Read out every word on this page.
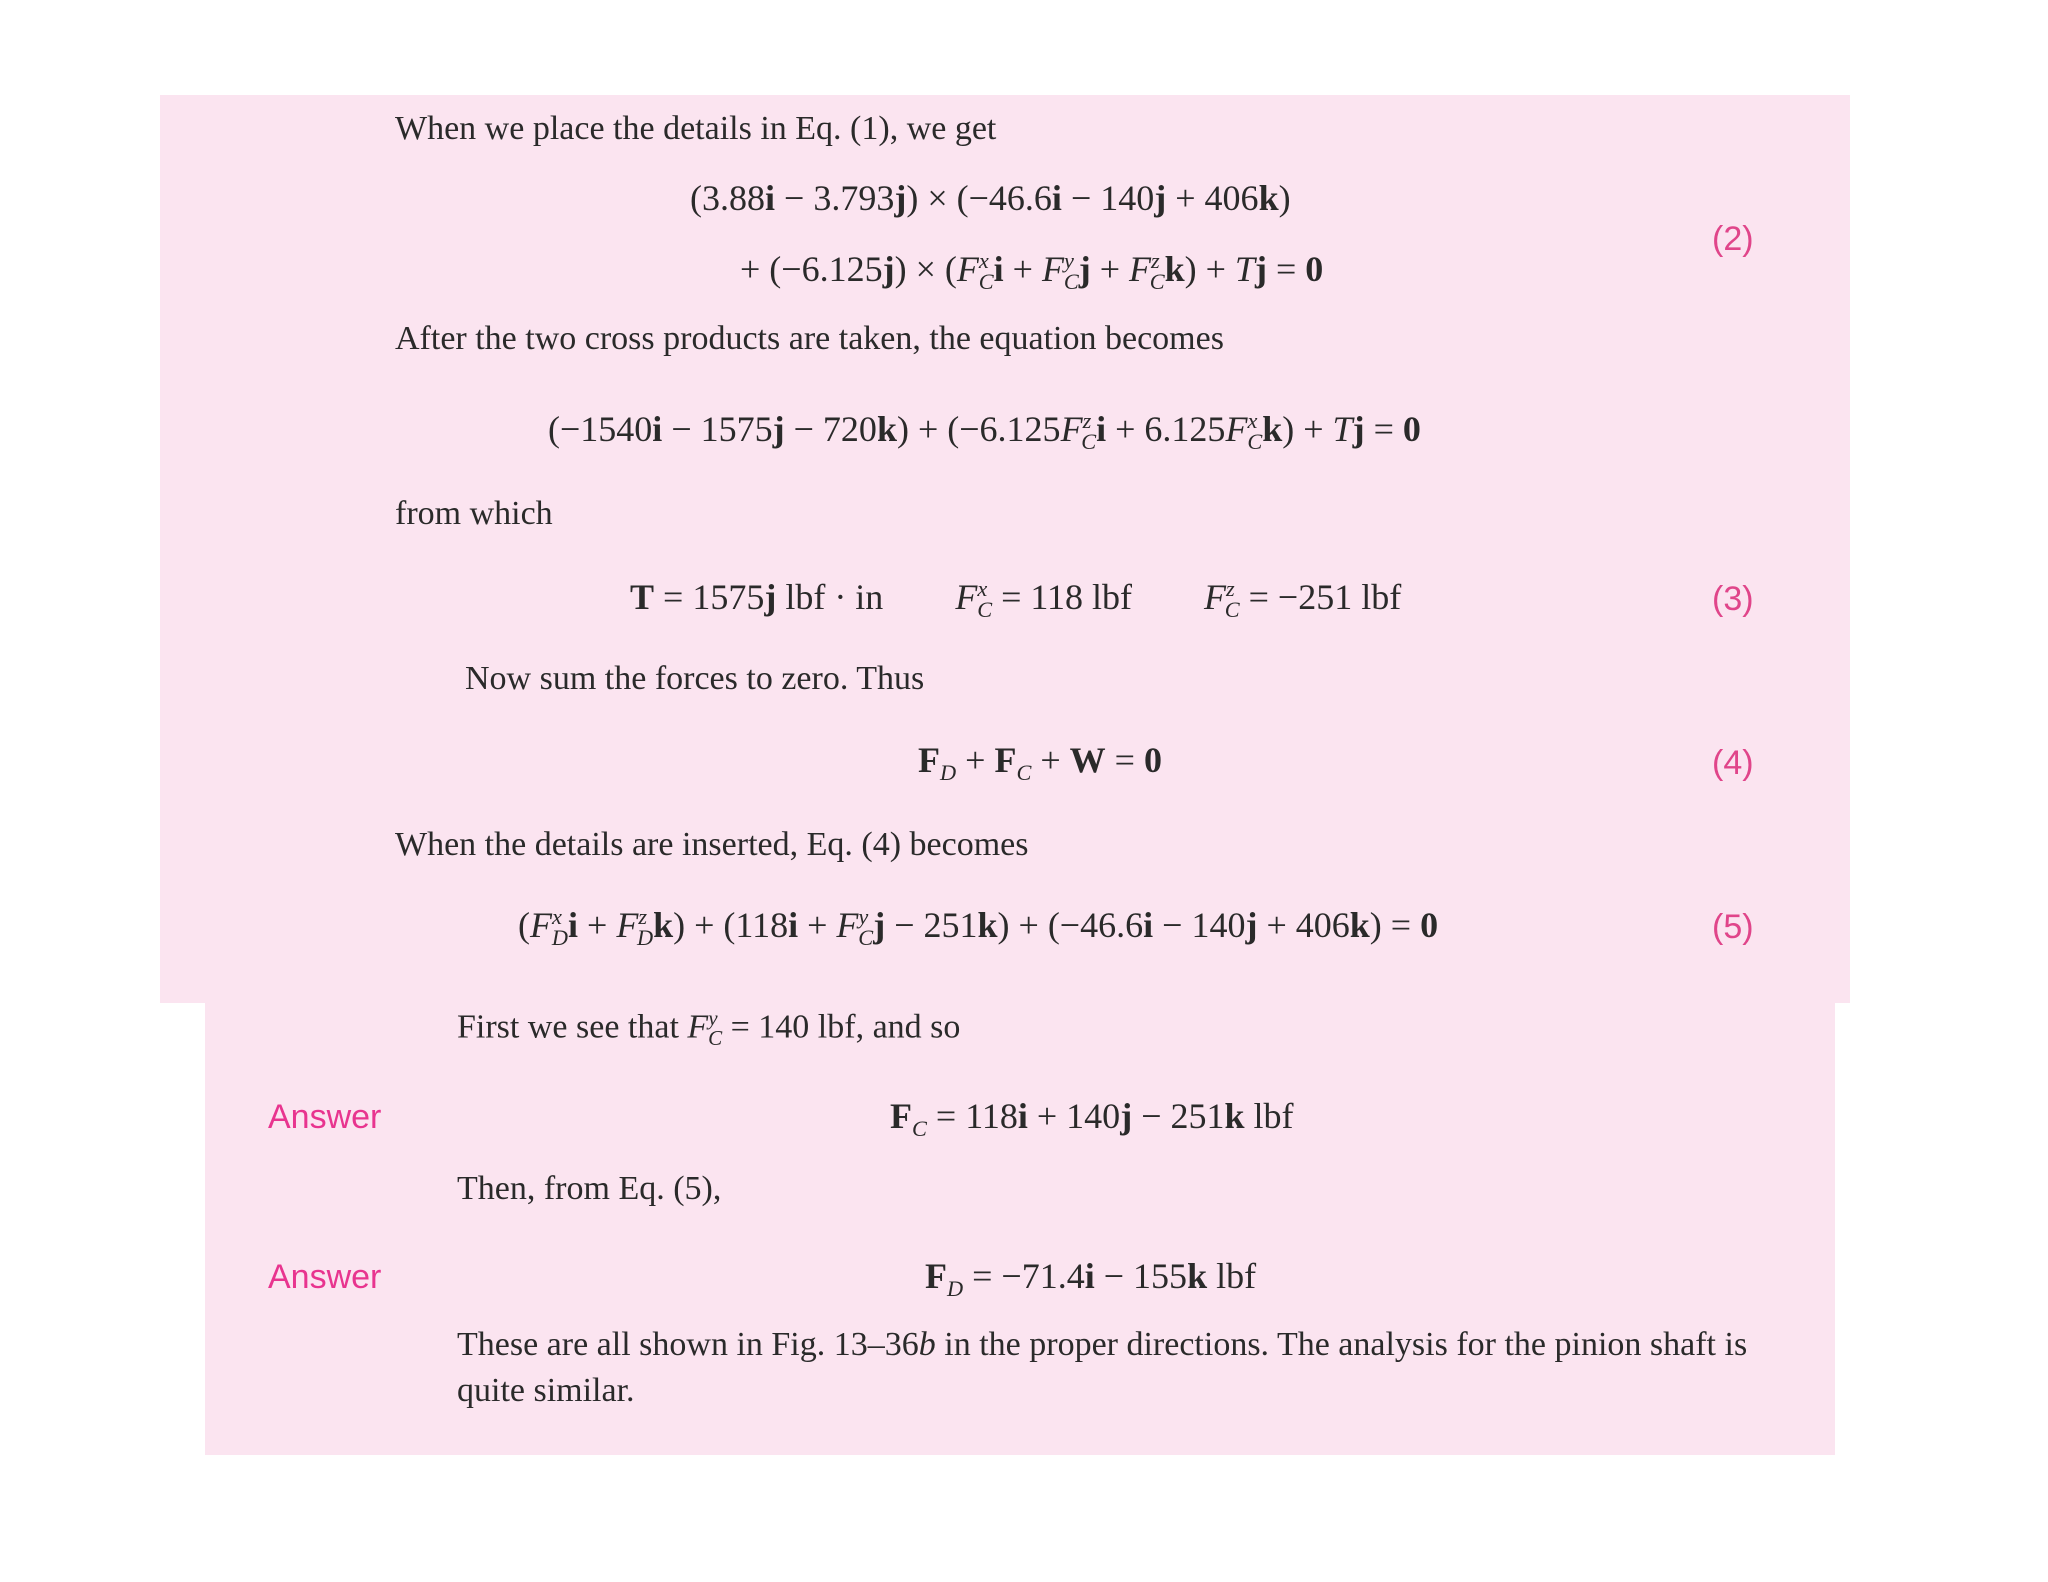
When we place the details in Eq. (1), we get
(3.88i − 3.793j) × (−46.6i − 140j + 406k)
+ $(-6.125j) \times (F^x_Ci + F^y_Cj + F^z_Ck) + Tj = 0$
(2)
After the two cross products are taken, the equation becomes
$(-1540i - 1575j - 720k) + (-6.125F^z_Ci + 6.125F^x_Ck) + Tj = 0$
from which
T = 1575j lbf · in        $F^x_C = 118$ lbf        $F^z_C = -251$ lbf	(3)
Now sum the forces to zero. Thus
$F_D + F_C + W = 0$	(4)
When the details are inserted, Eq. (4) becomes
$(F^x_Di + F^z_Dk) + (118i + F^y_Cj - 251k) + (-46.6i - 140j + 406k) = 0$	(5)
First we see that $F^y_C = 140$ lbf, and so
Answer	$F_C = 118i + 140j - 251k$ lbf
Then, from Eq. (5),
Answer	$F_D = -71.4i - 155k$ lbf
These are all shown in Fig. 13–36b in the proper directions. The analysis for the pinion shaft is quite similar.
